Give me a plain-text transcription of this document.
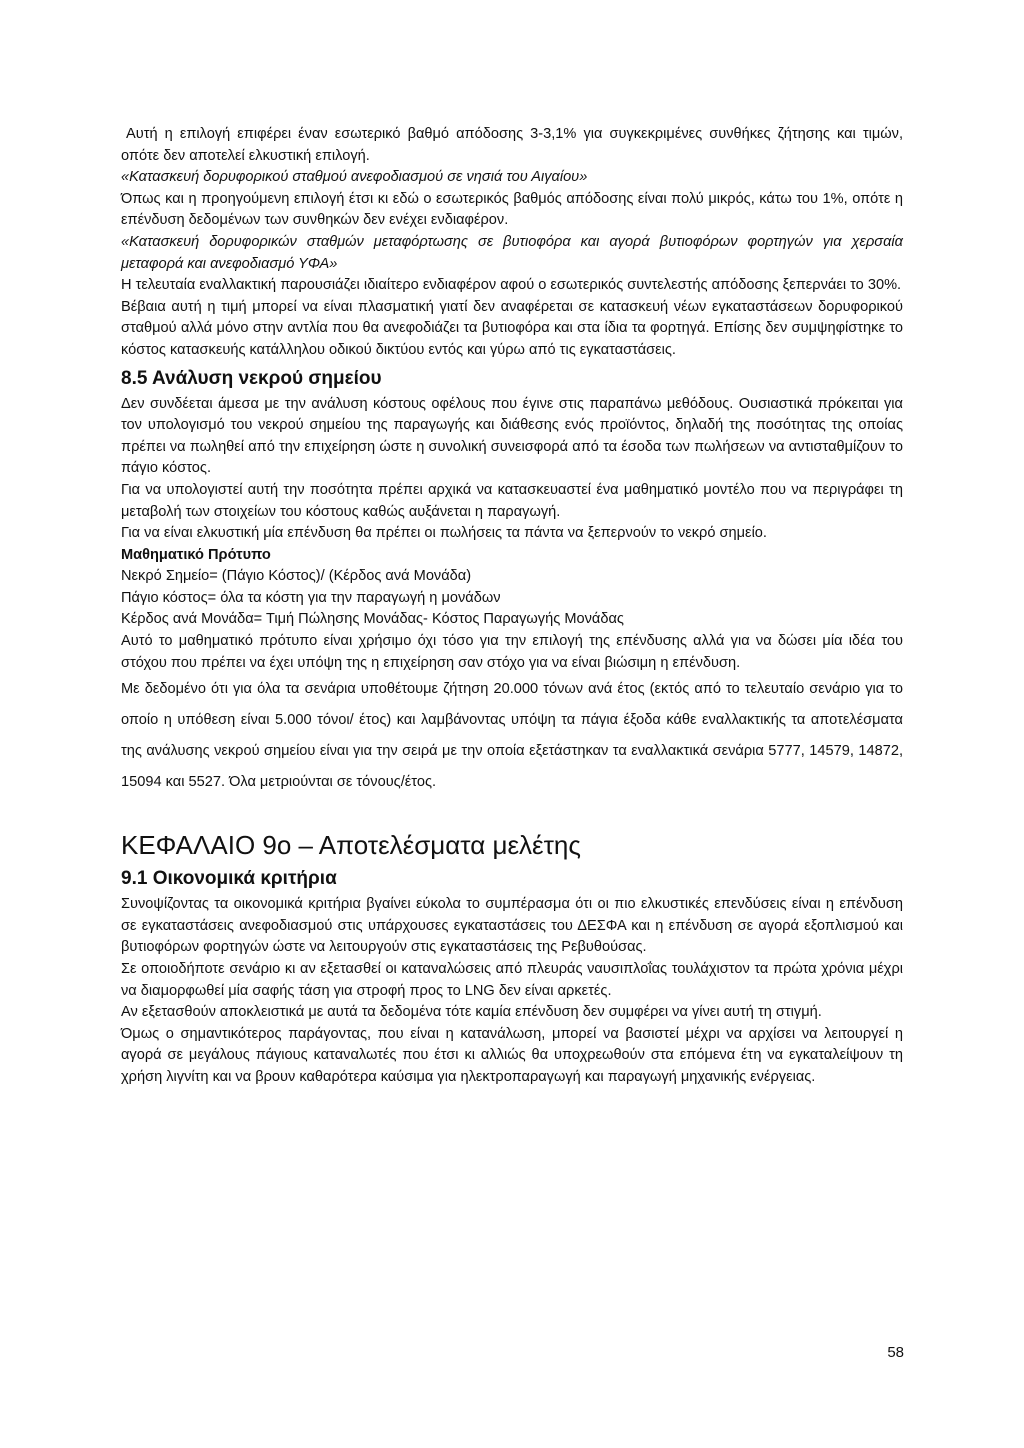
Αυτή η επιλογή επιφέρει έναν εσωτερικό βαθμό απόδοσης 3-3,1% για συγκεκριμένες συνθήκες ζήτησης και τιμών, οπότε δεν αποτελεί ελκυστική επιλογή.

«Κατασκευή δορυφορικού σταθμού ανεφοδιασμού σε νησιά του Αιγαίου»

Όπως και η προηγούμενη επιλογή έτσι κι εδώ ο εσωτερικός βαθμός απόδοσης είναι πολύ μικρός, κάτω του 1%, οπότε η επένδυση δεδομένων των συνθηκών δεν ενέχει ενδιαφέρον.

«Κατασκευή δορυφορικών σταθμών μεταφόρτωσης σε βυτιοφόρα και αγορά βυτιοφόρων φορτηγών για χερσαία μεταφορά και ανεφοδιασμό ΥΦΑ»

Η τελευταία εναλλακτική παρουσιάζει ιδιαίτερο ενδιαφέρον αφού ο εσωτερικός συντελεστής απόδοσης ξεπερνάει το 30%.

Βέβαια αυτή η τιμή μπορεί να είναι πλασματική γιατί δεν αναφέρεται σε κατασκευή νέων εγκαταστάσεων δορυφορικού σταθμού αλλά μόνο στην αντλία που θα ανεφοδιάζει τα βυτιοφόρα και στα ίδια τα φορτηγά. Επίσης δεν συμψηφίστηκε το κόστος κατασκευής κατάλληλου οδικού δικτύου εντός και γύρω από τις εγκαταστάσεις.

8.5 Ανάλυση νεκρού σημείου

Δεν συνδέεται άμεσα με την ανάλυση κόστους οφέλους που έγινε στις παραπάνω μεθόδους. Ουσιαστικά πρόκειται για τον υπολογισμό του νεκρού σημείου της παραγωγής και διάθεσης ενός προϊόντος, δηλαδή της ποσότητας της οποίας πρέπει να πωληθεί από την επιχείρηση ώστε η συνολική συνεισφορά από τα έσοδα των πωλήσεων να αντισταθμίζουν το πάγιο κόστος.

Για να υπολογιστεί αυτή την ποσότητα πρέπει αρχικά να κατασκευαστεί ένα μαθηματικό μοντέλο που να περιγράφει τη μεταβολή των στοιχείων του κόστους καθώς αυξάνεται η παραγωγή.

Για να είναι ελκυστική μία επένδυση θα πρέπει οι πωλήσεις τα πάντα να ξεπερνούν το νεκρό σημείο.

Μαθηματικό Πρότυπο

Νεκρό Σημείο= (Πάγιο Κόστος)/ (Κέρδος ανά Μονάδα)

Πάγιο κόστος= όλα τα κόστη για την παραγωγή η μονάδων

Κέρδος ανά Μονάδα= Τιμή Πώλησης Μονάδας- Κόστος Παραγωγής Μονάδας

Αυτό το μαθηματικό πρότυπο είναι χρήσιμο όχι τόσο για την επιλογή της επένδυσης αλλά για να δώσει μία ιδέα του στόχου που πρέπει να έχει υπόψη της η επιχείρηση σαν στόχο για να είναι βιώσιμη η επένδυση.

Με δεδομένο ότι για όλα τα σενάρια υποθέτουμε ζήτηση 20.000 τόνων ανά έτος (εκτός από το τελευταίο σενάριο για το οποίο η υπόθεση είναι 5.000 τόνοι/ έτος) και λαμβάνοντας υπόψη τα πάγια έξοδα κάθε εναλλακτικής τα αποτελέσματα της ανάλυσης νεκρού σημείου είναι για την σειρά με την οποία εξετάστηκαν τα εναλλακτικά σενάρια 5777, 14579, 14872, 15094 και 5527. Όλα μετριούνται σε τόνους/έτος.

ΚΕΦΑΛΑΙΟ 9ο – Αποτελέσματα μελέτης
9.1 Οικονομικά κριτήρια

Συνοψίζοντας τα οικονομικά κριτήρια βγαίνει εύκολα το συμπέρασμα ότι οι πιο ελκυστικές επενδύσεις είναι η επένδυση σε εγκαταστάσεις ανεφοδιασμού στις υπάρχουσες εγκαταστάσεις του ΔΕΣΦΑ και η επένδυση σε αγορά εξοπλισμού και βυτιοφόρων φορτηγών ώστε να λειτουργούν στις εγκαταστάσεις της Ρεβυθούσας.

Σε οποιοδήποτε σενάριο κι αν εξετασθεί οι καταναλώσεις από πλευράς ναυσιπλοΐας τουλάχιστον τα πρώτα χρόνια μέχρι να διαμορφωθεί μία σαφής τάση για στροφή προς το LNG δεν είναι αρκετές.

Αν εξετασθούν αποκλειστικά με αυτά τα δεδομένα τότε καμία επένδυση δεν συμφέρει να γίνει αυτή τη στιγμή.

Όμως ο σημαντικότερος παράγοντας, που είναι η κατανάλωση, μπορεί να βασιστεί μέχρι να αρχίσει να λειτουργεί η αγορά σε μεγάλους πάγιους καταναλωτές που έτσι κι αλλιώς θα υποχρεωθούν στα επόμενα έτη να εγκαταλείψουν τη χρήση λιγνίτη και να βρουν καθαρότερα καύσιμα για ηλεκτροπαραγωγή και παραγωγή μηχανικής ενέργειας.

58
